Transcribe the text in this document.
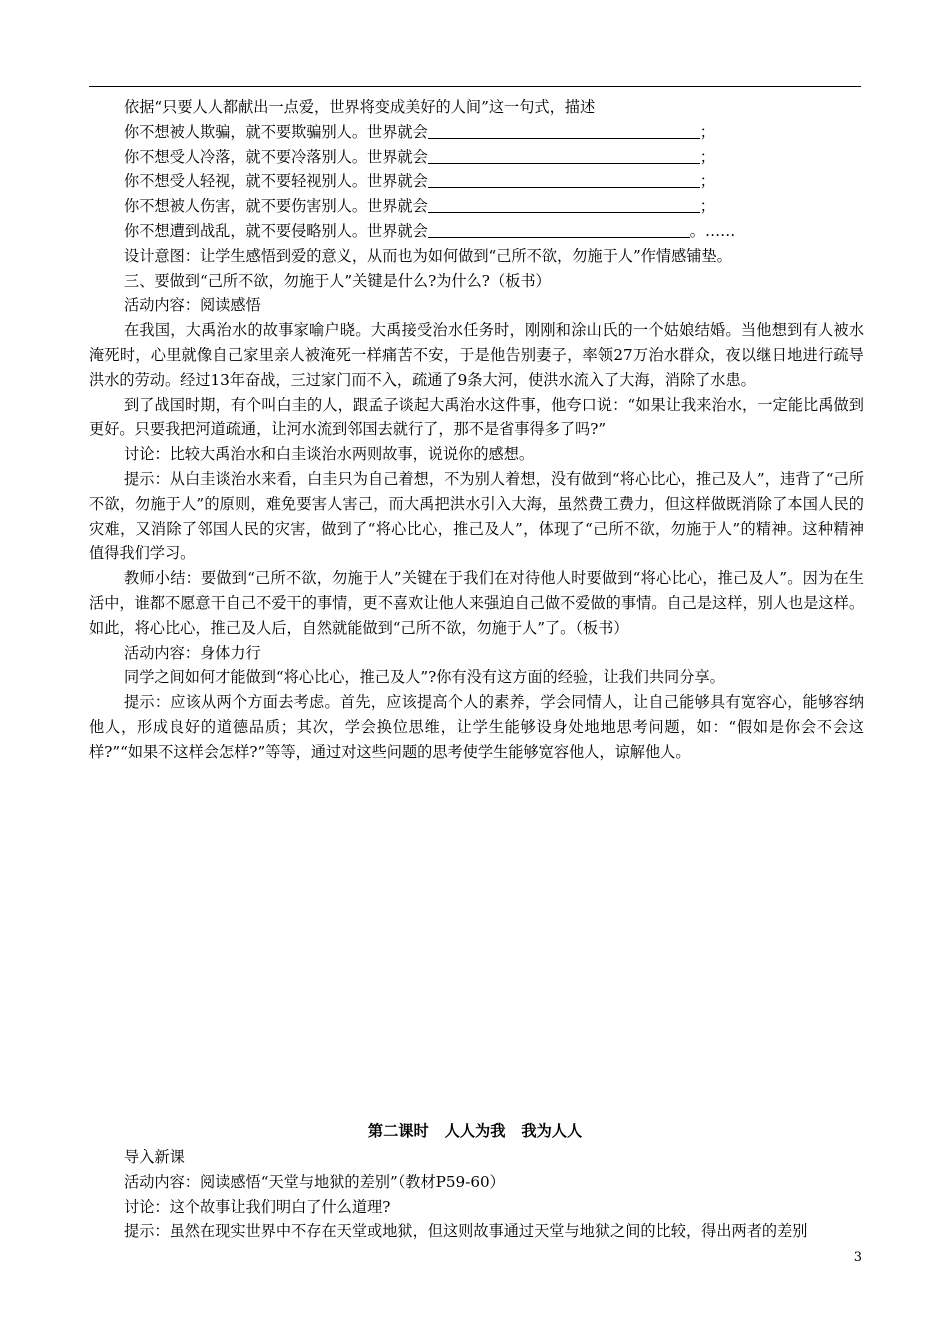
依据“只要人人都献出一点爱，世界将变成美好的人间”这一句式，描述
你不想被人欺骗，就不要欺骗别人。世界就会	；
你不想受人冷落，就不要冷落别人。世界就会	；
你不想受人轻视，就不要轻视别人。世界就会	；
你不想被人伤害，就不要伤害别人。世界就会	；
你不想遭到战乱，就不要侵略别人。世界就会	。……
设计意图：让学生感悟到爱的意义，从而也为如何做到“己所不欲，勿施于人”作情感铺垫。
三、要做到“己所不欲，勿施于人”关键是什么?为什么?（板书）
活动内容：阅读感悟
在我国，大禹治水的故事家喻户晓。大禹接受治水任务时，刚刚和涂山氏的一个姑娘结婚。当他想到有人被水淹死时，心里就像自己家里亲人被淹死一样痛苦不安，于是他告别妻子，率领27万治水群众，夜以继日地进行疏导洪水的劳动。经过13年奋战，三过家门而不入，疏通了9条大河，使洪水流入了大海，消除了水患。
到了战国时期，有个叫白圭的人，跟孟子谈起大禹治水这件事，他夸口说：“如果让我来治水，一定能比禹做到更好。只要我把河道疏通，让河水流到邻国去就行了，那不是省事得多了吗?”
讨论：比较大禹治水和白圭谈治水两则故事，说说你的感想。
提示：从白圭谈治水来看，白圭只为自己着想，不为别人着想，没有做到“将心比心，推己及人”，违背了“己所不欲，勿施于人”的原则，难免要害人害己，而大禹把洪水引入大海，虽然费工费力，但这样做既消除了本国人民的灾难，又消除了邻国人民的灾害，做到了“将心比心，推己及人”，体现了“己所不欲，勿施于人”的精神。这种精神值得我们学习。
教师小结：要做到“己所不欲，勿施于人”关键在于我们在对待他人时要做到“将心比心，推己及人”。因为在生活中，谁都不愿意干自己不爱干的事情，更不喜欢让他人来强迫自己做不爱做的事情。自己是这样，别人也是这样。如此，将心比心，推己及人后，自然就能做到“己所不欲，勿施于人”了。（板书）
活动内容：身体力行
同学之间如何才能做到“将心比心，推己及人”?你有没有这方面的经验，让我们共同分享。
提示：应该从两个方面去考虑。首先，应该提高个人的素养，学会同情人，让自己能够具有宽容心，能够容纳他人，形成良好的道德品质；其次，学会换位思维，让学生能够设身处地地思考问题，如：“假如是你会不会这样?”“如果不这样会怎样?”等等，通过对这些问题的思考使学生能够宽容他人，谅解他人。
第二课时 人人为我 我为人人
导入新课
活动内容：阅读感悟“天堂与地狱的差别”（教材P59-60）
讨论：这个故事让我们明白了什么道理?
提示：虽然在现实世界中不存在天堂或地狱，但这则故事通过天堂与地狱之间的比较，得出两者的差别
3
